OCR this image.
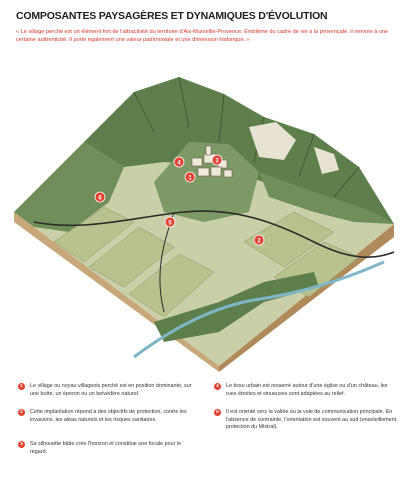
COMPOSANTES PAYSAGÈRES ET DYNAMIQUES D'ÉVOLUTION
« Le village perché est un élément fort de l'attractivité du territoire d'Aix-Marseille-Provence. Emblème du cadre de vie à la provençale, il renvoie à une certaine authenticité. Il porte également une valeur patrimoniale et une dimension historique. »
1
2
3
4
5
6
1	Le village ou noyau villageois perché est en position dominante, sur une butte, un éperon ou un belvédère naturel.
2	Cette implantation répond à des objectifs de protection, contre les invasions, les aléas naturels et les risques sanitaires.
3	Sa silhouette bâtie crée l'horizon et constitue une focale pour le regard.
4	Le tissu urbain est resserré autour d'une église ou d'un château, les rues étroites et sinueuses sont adaptées au relief.
5	Il est orienté vers la vallée ou la voie de communication principale. En l'absence de contrainte, l'orientation est souvent au sud (ensoleillement, protection du Mistral).
